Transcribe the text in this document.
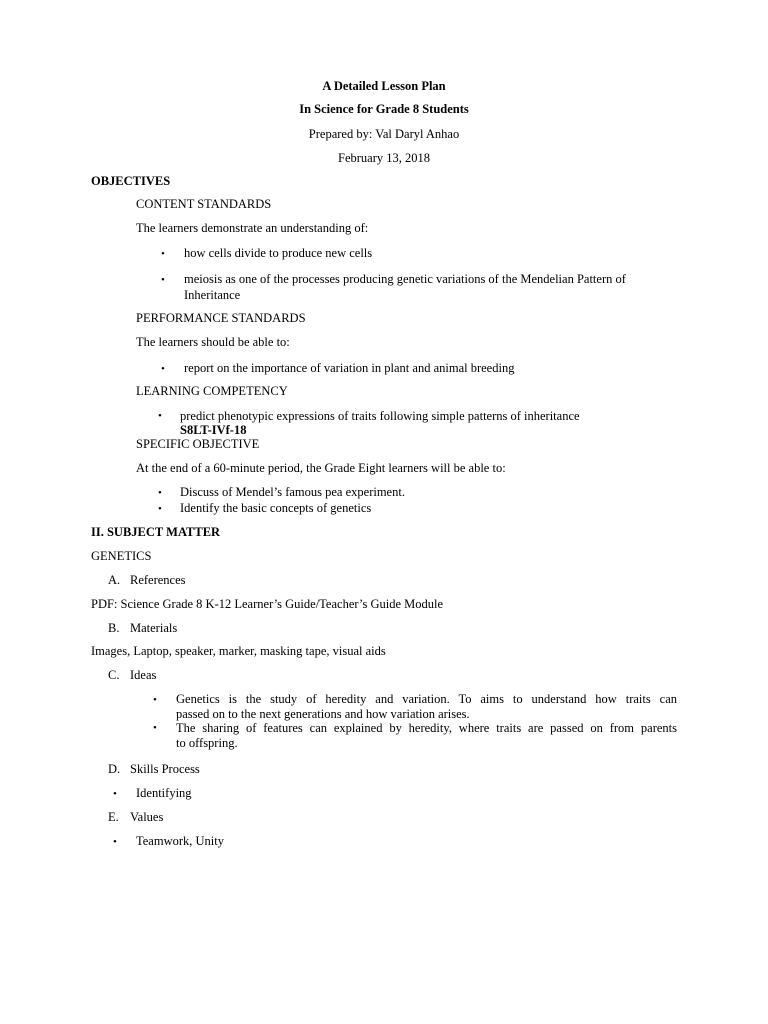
A Detailed Lesson Plan
In Science for Grade 8 Students
Prepared by: Val Daryl Anhao
February 13, 2018
OBJECTIVES
CONTENT STANDARDS
The learners demonstrate an understanding of:
• how cells divide to produce new cells
• meiosis as one of the processes producing genetic variations of the Mendelian Pattern of
Inheritance
PERFORMANCE STANDARDS
The learners should be able to:
• report on the importance of variation in plant and animal breeding
LEARNING COMPETENCY
• predict phenotypic expressions of traits following simple patterns of inheritance
S8LT-IVf-18
SPECIFIC OBJECTIVE
At the end of a 60-minute period, the Grade Eight learners will be able to:
• Discuss of Mendel’s famous pea experiment.
• Identify the basic concepts of genetics
II. SUBJECT MATTER
GENETICS
A. References
PDF: Science Grade 8 K-12 Learner’s Guide/Teacher’s Guide Module
B. Materials
Images, Laptop, speaker, marker, masking tape, visual aids
C. Ideas
• Genetics is the study of heredity and variation. To aims to understand how traits can
passed on to the next generations and how variation arises.
• The sharing of features can explained by heredity, where traits are passed on from parents
to offspring.
D. Skills Process
• Identifying
E. Values
• Teamwork, Unity
